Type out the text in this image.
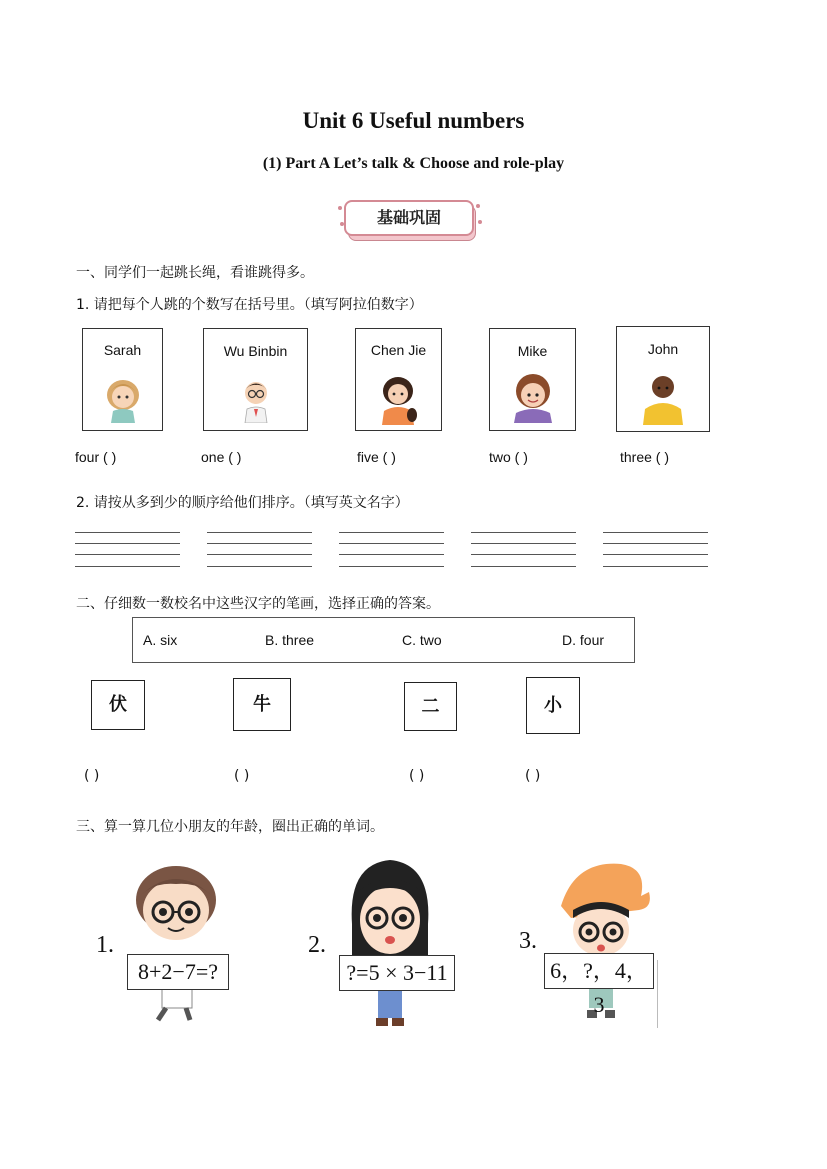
Unit 6 Useful numbers
(1) Part A Let’s talk & Choose and role-play
基础巩固
一、同学们一起跳长绳，看谁跳得多。
1. 请把每个人跳的个数写在括号里。（填写阿拉伯数字）
Sarah	Wu Binbin	Chen Jie	Mike	John
four ( )	one ( )	five ( )	two ( )	three ( )
2. 请按从多到少的顺序给他们排序。（填写英文名字）
二、仔细数一数校名中这些汉字的笔画，选择正确的答案。
A. six	B. three	C. two	D. four
伏	牛	二	小
( )	( )	( )	( )
三、算一算几位小朋友的年龄，圈出正确的单词。
1.
8+2−7=?
2.
?=5 × 3−11
3.
6，?，4，3
